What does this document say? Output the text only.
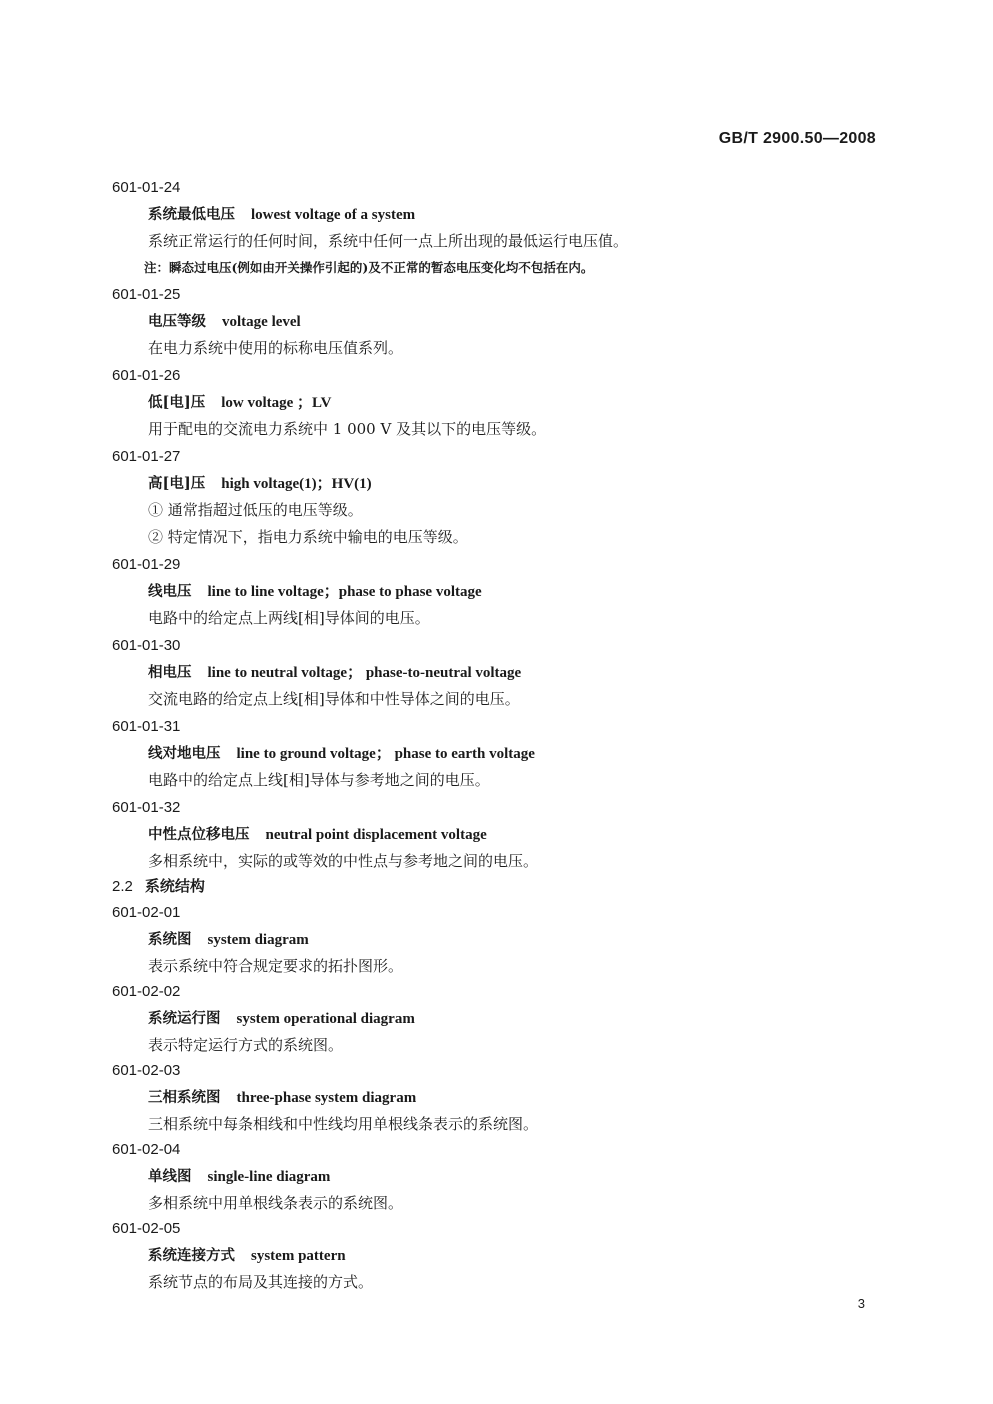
GB/T 2900.50—2008
601-01-24
系统最低电压 lowest voltage of a system
系统正常运行的任何时间，系统中任何一点上所出现的最低运行电压值。
注：瞬态过电压(例如由开关操作引起的)及不正常的暂态电压变化均不包括在内。
601-01-25
电压等级 voltage level
在电力系统中使用的标称电压值系列。
601-01-26
低[电]压 low voltage ；LV
用于配电的交流电力系统中 1 000 V 及其以下的电压等级。
601-01-27
高[电]压 high voltage(1)；HV(1)
① 通常指超过低压的电压等级。
② 特定情况下，指电力系统中输电的电压等级。
601-01-29
线电压 line to line voltage；phase to phase voltage
电路中的给定点上两线[相]导体间的电压。
601-01-30
相电压 line to neutral voltage； phase-to-neutral voltage
交流电路的给定点上线[相]导体和中性导体之间的电压。
601-01-31
线对地电压 line to ground voltage； phase to earth voltage
电路中的给定点上线[相]导体与参考地之间的电压。
601-01-32
中性点位移电压 neutral point displacement voltage
多相系统中，实际的或等效的中性点与参考地之间的电压。
2.2 系统结构
601-02-01
系统图 system diagram
表示系统中符合规定要求的拓扑图形。
601-02-02
系统运行图 system operational diagram
表示特定运行方式的系统图。
601-02-03
三相系统图 three-phase system diagram
三相系统中每条相线和中性线均用单根线条表示的系统图。
601-02-04
单线图 single-line diagram
多相系统中用单根线条表示的系统图。
601-02-05
系统连接方式 system pattern
系统节点的布局及其连接的方式。
3
